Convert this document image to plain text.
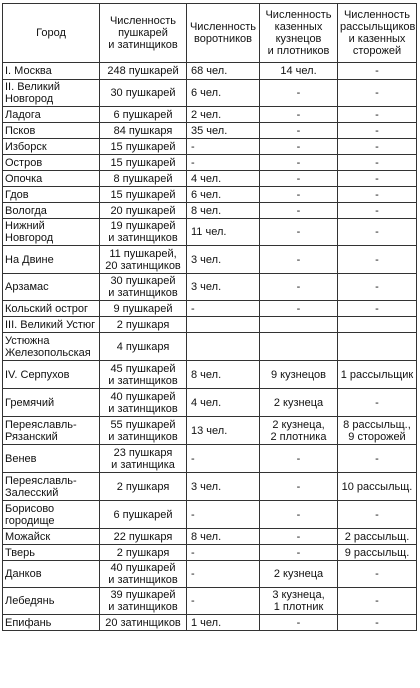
Город	Численность
пушкарей
и затинщиков	Численность
воротников	Численность
казенных
кузнецов
и плотников	Численность
рассыльщиков
и казенных
сторожей

I. Москва	248 пушкарей	68 чел.	14 чел.	-

II. Великий
Новгород	30 пушкарей	6 чел.	-	-

Ладога	6 пушкарей	2 чел.	-	-

Псков	84 пушкаря	35 чел.	-	-

Изборск	15 пушкарей	-	-	-

Остров	15 пушкарей	-	-	-

Опочка	8 пушкарей	4 чел.	-	-

Гдов	15 пушкарей	6 чел.	-	-

Вологда	20 пушкарей	8 чел.	-	-

Нижний
Новгород	19 пушкарей
и затинщиков	11 чел.	-	-

На Двине	11 пушкарей,
20 затинщиков	3 чел.	-	-

Арзамас	30 пушкарей
и затинщиков	3 чел.	-	-

Кольский острог	9 пушкарей	-	-	-

III. Великий Устюг	2 пушкаря			

Устюжна
Железопольская	4 пушкаря			

IV. Серпухов	45 пушкарей
и затинщиков	8 чел.	9 кузнецов	1 рассыльщик

Гремячий	40 пушкарей
и затинщиков	4 чел.	2 кузнеца	-

Переяславль-
Рязанский	55 пушкарей
и затинщиков	13 чел.	2 кузнеца,
2 плотника	8 рассыльщ.,
9 сторожей

Венев	23 пушкаря
и затинщика	-	-	-

Переяславль-
Залесский	2 пушкаря	3 чел.	-	10 рассыльщ.

Борисово
городище	6 пушкарей	-	-	-

Можайск	22 пушкаря	8 чел.	-	2 рассыльщ.

Тверь	2 пушкаря	-	-	9 рассыльщ.

Данков	40 пушкарей
и затинщиков	-	2 кузнеца	-

Лебедянь	39 пушкарей
и затинщиков	-	3 кузнеца,
1 плотник	-

Епифань	20 затинщиков	1 чел.	-	-
